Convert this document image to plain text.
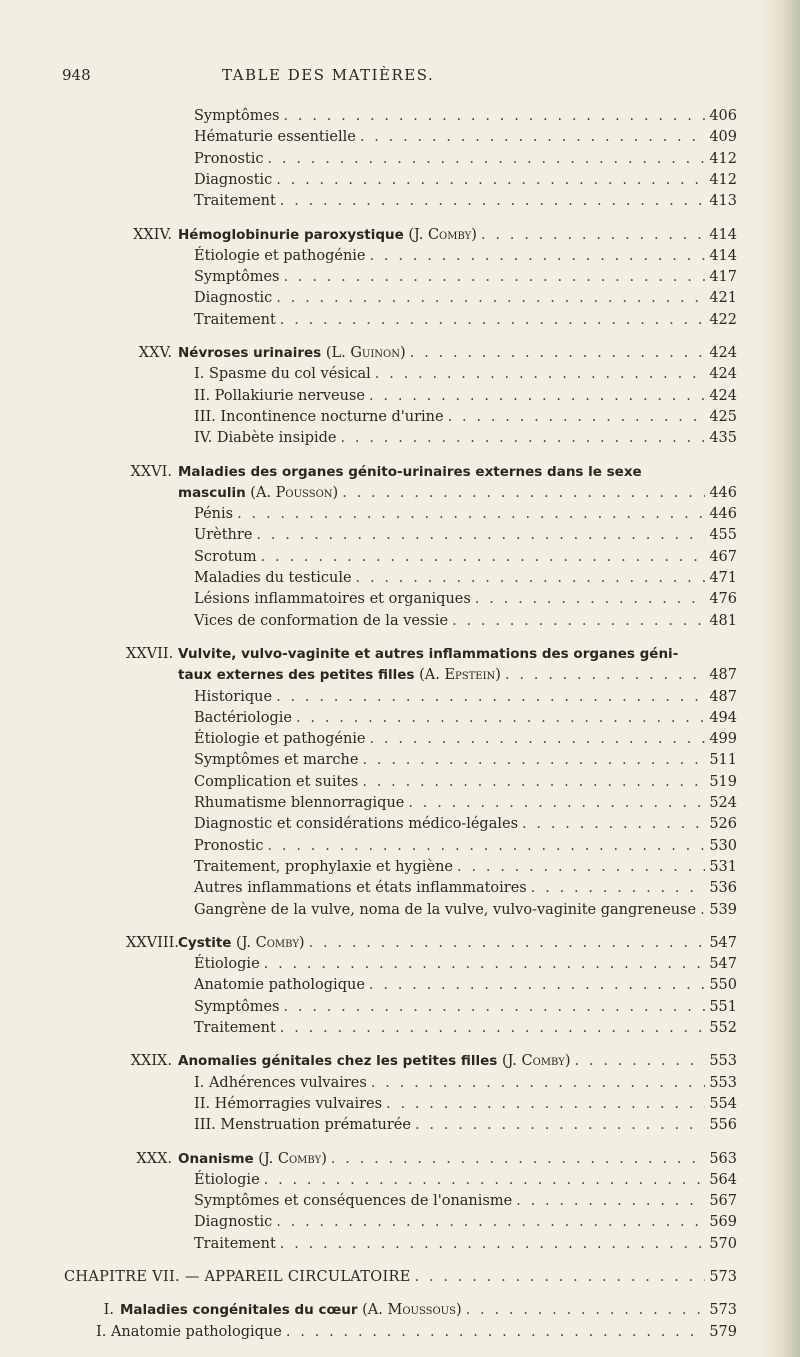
948	TABLE DES MATIÈRES.
Symptômes . . .	406
Hématurie essentielle . . .	409
Pronostic . . .	412
Diagnostic . . .	412
Traitement . . .	413
XXIV. Hémoglobinurie paroxystique (J. Comby) . . .	414
Étiologie et pathogénie . . .	414
Symptômes . . .	417
Diagnostic . . .	421
Traitement . . .	422
XXV. Névroses urinaires (L. Guinon) . . .	424
I. Spasme du col vésical . . .	424
II. Pollakiurie nerveuse . . .	424
III. Incontinence nocturne d'urine . . .	425
IV. Diabète insipide . . .	435
XXVI. Maladies des organes génito-urinaires externes dans le sexe
masculin (A. Pousson) . . .	446
Pénis . . .	446
Urèthre . . .	455
Scrotum . . .	467
Maladies du testicule . . .	471
Lésions inflammatoires et organiques . . .	476
Vices de conformation de la vessie . . .	481
XXVII. Vulvite, vulvo-vaginite et autres inflammations des organes géni-
taux externes des petites filles (A. Epstein) . . .	487
Historique . . .	487
Bactériologie . . .	494
Étiologie et pathogénie . . .	499
Symptômes et marche . . .	511
Complication et suites . . .	519
Rhumatisme blennorragique . . .	524
Diagnostic et considérations médico-légales . . .	526
Pronostic . . .	530
Traitement, prophylaxie et hygiène . . .	531
Autres inflammations et états inflammatoires . . .	536
Gangrène de la vulve, noma de la vulve, vulvo-vaginite gangreneuse . . . 539
XXVIII.Cystite (J. Comby) . . .	547
Étiologie . . .	547
Anatomie pathologique . . .	550
Symptômes . . .	551
Traitement . . .	552
XXIX. Anomalies génitales chez les petites filles (J. Comby) . . .	553
I. Adhérences vulvaires . . .	553
II. Hémorragies vulvaires . . .	554
III. Menstruation prématurée . . .	556
XXX. Onanisme (J. Comby) . . .	563
Étiologie . . .	564
Symptômes et conséquences de l'onanisme . . .	567
Diagnostic . . .	569
Traitement . . .	570
CHAPITRE VII. — APPAREIL CIRCULATOIRE . . .	573
I. Maladies congénitales du cœur (A. Moussous) . . .	573
I. Anatomie pathologique . . .	579
